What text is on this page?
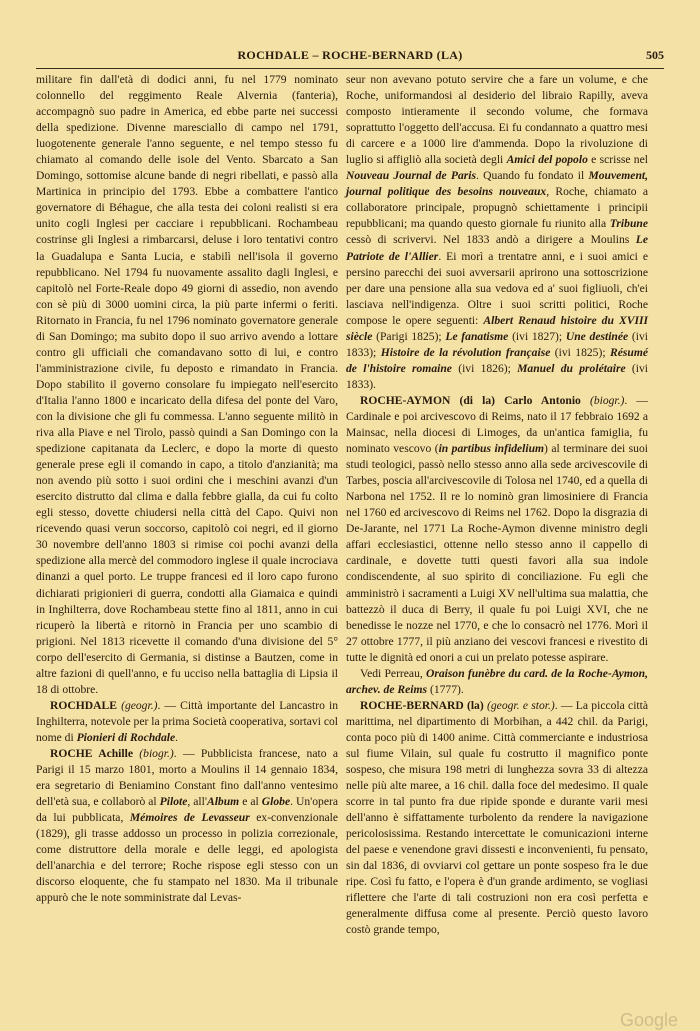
ROCHDALE – ROCHE-BERNARD (LA)	505

militare fin dall'età di dodici anni, fu nel 1779 nominato colonnello del reggimento Reale Alvernia (fanteria), accompagnò suo padre in America, ed ebbe parte nei successi della spedizione. Divenne maresciallo di campo nel 1791, luogotenente generale l'anno seguente, e nel tempo stesso fu chiamato al comando delle isole del Vento. Sbarcato a San Domingo, sottomise alcune bande di negri ribellati, e passò alla Martinica in principio del 1793. Ebbe a combattere l'antico governatore di Béhague, che alla testa dei coloni realisti si era unito cogli Inglesi per cacciare i repubblicani. Rochambeau costrinse gli Inglesi a rimbarcarsi, deluse i loro tentativi contro la Guadalupa e Santa Lucia, e stabilì nell'isola il governo repubblicano. Nel 1794 fu nuovamente assalito dagli Inglesi, e capitolò nel Forte-Reale dopo 49 giorni di assedio, non avendo con sè più di 3000 uomini circa, la più parte infermi o feriti. Ritornato in Francia, fu nel 1796 nominato governatore generale di San Domingo; ma subito dopo il suo arrivo avendo a lottare contro gli ufficiali che comandavano sotto di lui, e contro l'amministrazione civile, fu deposto e rimandato in Francia. Dopo stabilito il governo consolare fu impiegato nell'esercito d'Italia l'anno 1800 e incaricato della difesa del ponte del Varo, con la divisione che gli fu commessa. L'anno seguente militò in riva alla Piave e nel Tirolo, passò quindi a San Domingo con la spedizione capitanata da Leclerc, e dopo la morte di questo generale prese egli il comando in capo, a titolo d'anzianità; ma non avendo più sotto i suoi ordini che i meschini avanzi d'un esercito distrutto dal clima e dalla febbre gialla, da cui fu colto egli stesso, dovette chiudersi nella città del Capo. Quivi non ricevendo quasi verun soccorso, capitolò coi negri, ed il giorno 30 novembre dell'anno 1803 si rimise coi pochi avanzi della spedizione alla mercè del commodoro inglese il quale incrociava dinanzi a quel porto. Le truppe francesi ed il loro capo furono dichiarati prigionieri di guerra, condotti alla Giamaica e quindi in Inghilterra, dove Rochambeau stette fino al 1811, anno in cui ricuperò la libertà e ritornò in Francia per uno scambio di prigioni. Nel 1813 ricevette il comando d'una divisione del 5° corpo dell'esercito di Germania, si distinse a Bautzen, come in altre fazioni di quell'anno, e fu ucciso nella battaglia di Lipsia il 18 di ottobre.

ROCHDALE (geogr.). — Città importante del Lancastro in Inghilterra, notevole per la prima Società cooperativa, sortavi col nome di Pionieri di Rochdale.

ROCHE Achille (biogr.). — Pubblicista francese, nato a Parigi il 15 marzo 1801, morto a Moulins il 14 gennaio 1834, era segretario di Beniamino Constant fino dall'anno ventesimo dell'età sua, e collaborò al Pilote, all'Album e al Globe. Un'opera da lui pubblicata, Mémoires de Levasseur ex-convenzionale (1829), gli trasse addosso un processo in polizia correzionale, come distruttore della morale e delle leggi, ed apologista dell'anarchia e del terrore; Roche rispose egli stesso con un discorso eloquente, che fu stampato nel 1830. Ma il tribunale appurò che le note somministrate dal Levas-

seur non avevano potuto servire che a fare un volume, e che Roche, uniformandosi al desiderio del libraio Rapilly, aveva composto intieramente il secondo volume, che formava soprattutto l'oggetto dell'accusa. Ei fu condannato a quattro mesi di carcere e a 1000 lire d'ammenda. Dopo la rivoluzione di luglio si affigliò alla società degli Amici del popolo e scrisse nel Nouveau Journal de Paris. Quando fu fondato il Mouvement, journal politique des besoins nouveaux, Roche, chiamato a collaboratore principale, propugnò schiettamente i principii repubblicani; ma quando questo giornale fu riunito alla Tribune cessò di scrivervi. Nel 1833 andò a dirigere a Moulins Le Patriote de l'Allier. Ei morì a trentatre anni, e i suoi amici e persino parecchi dei suoi avversarii aprirono una sottoscrizione per dare una pensione alla sua vedova ed a' suoi figliuoli, ch'ei lasciava nell'indigenza. Oltre i suoi scritti politici, Roche compose le opere seguenti: Albert Renaud histoire du XVIII siècle (Parigi 1825); Le fanatisme (ivi 1827); Une destinée (ivi 1833); Histoire de la révolution française (ivi 1825); Résumé de l'histoire romaine (ivi 1826); Manuel du prolétaire (ivi 1833).

ROCHE-AYMON (di la) Carlo Antonio (biogr.). — Cardinale e poi arcivescovo di Reims, nato il 17 febbraio 1692 a Mainsac, nella diocesi di Limoges, da un'antica famiglia, fu nominato vescovo (in partibus infidelium) al terminare dei suoi studi teologici, passò nello stesso anno alla sede arcivescovile di Tarbes, poscia all'arcivescovile di Tolosa nel 1740, ed a quella di Narbona nel 1752. Il re lo nominò gran limosiniere di Francia nel 1760 ed arcivescovo di Reims nel 1762. Dopo la disgrazia di De-Jarante, nel 1771 La Roche-Aymon divenne ministro degli affari ecclesiastici, ottenne nello stesso anno il cappello di cardinale, e dovette tutti questi favori alla sua indole condiscendente, al suo spirito di conciliazione. Fu egli che amministrò i sacramenti a Luigi XV nell'ultima sua malattia, che battezzò il duca di Berry, il quale fu poi Luigi XVI, che ne benedisse le nozze nel 1770, e che lo consacrò nel 1776. Morì il 27 ottobre 1777, il più anziano dei vescovi francesi e rivestito di tutte le dignità ed onori a cui un prelato potesse aspirare.

Vedi Perreau, Oraison funèbre du card. de la Roche-Aymon, archev. de Reims (1777).

ROCHE-BERNARD (la) (geogr. e stor.). — La piccola città marittima, nel dipartimento di Morbihan, a 442 chil. da Parigi, conta poco più di 1400 anime. Città commerciante e industriosa sul fiume Vilain, sul quale fu costrutto il magnifico ponte sospeso, che misura 198 metri di lunghezza sovra 33 di altezza nelle più alte maree, a 16 chil. dalla foce del medesimo. Il quale scorre in tal punto fra due ripide sponde e durante varii mesi dell'anno è siffattamente turbolento da rendere la navigazione pericolosissima. Restando intercettate le comunicazioni interne del paese e venendone gravi dissesti e inconvenienti, fu pensato, sin dal 1836, di ovviarvi col gettare un ponte sospeso fra le due ripe. Così fu fatto, e l'opera è d'un grande ardimento, se vogliasi riflettere che l'arte di tali costruzioni non era così perfetta e generalmente diffusa come al presente. Perciò questo lavoro costò grande tempo,

Google
